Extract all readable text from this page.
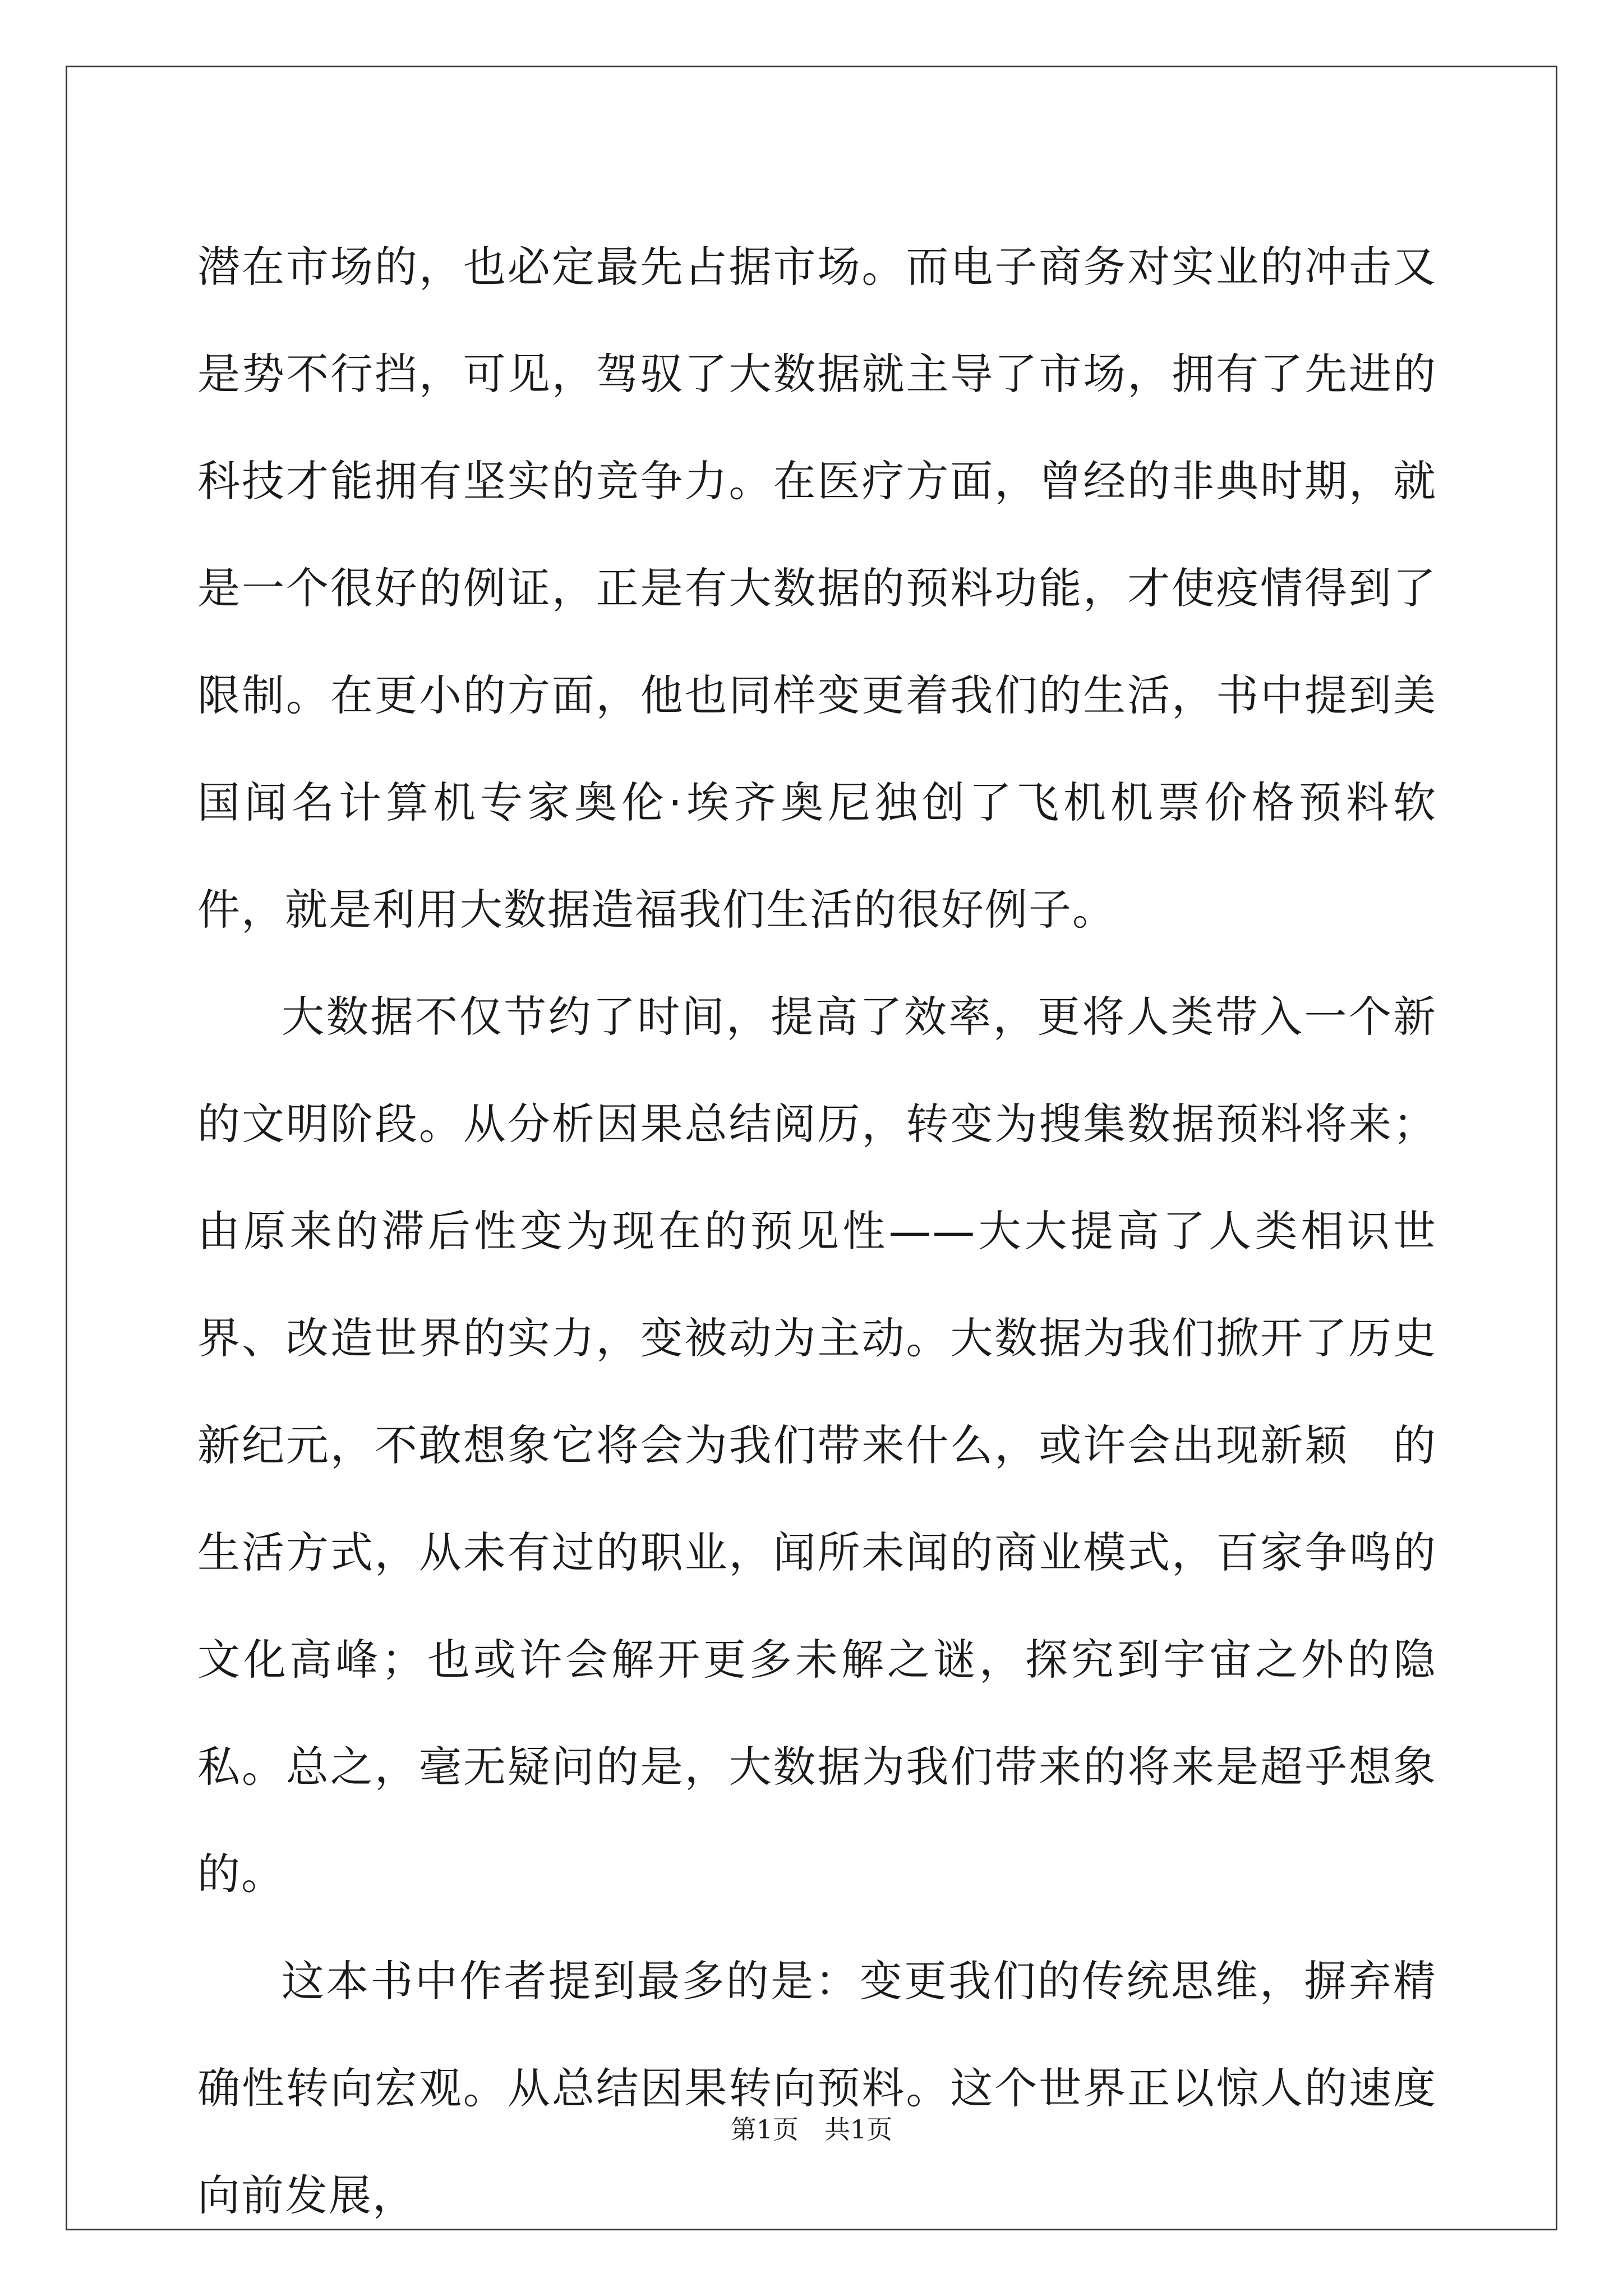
潜在市场的，也必定最先占据市场。而电子商务对实业的冲击又是势不行挡，可见，驾驭了大数据就主导了市场，拥有了先进的科技才能拥有坚实的竞争力。在医疗方面，曾经的非典时期，就是一个很好的例证，正是有大数据的预料功能，才使疫情得到了限制。在更小的方面，他也同样变更着我们的生活，书中提到美国闻名计算机专家奥伦·埃齐奥尼独创了飞机机票价格预料软件，就是利用大数据造福我们生活的很好例子。

大数据不仅节约了时间，提高了效率，更将人类带入一个新的文明阶段。从分析因果总结阅历，转变为搜集数据预料将来；由原来的滞后性变为现在的预见性——大大提高了人类相识世界、改造世界的实力，变被动为主动。大数据为我们掀开了历史新纪元，不敢想象它将会为我们带来什么，或许会出现新颖　的生活方式，从未有过的职业，闻所未闻的商业模式，百家争鸣的文化高峰；也或许会解开更多未解之谜，探究到宇宙之外的隐私。总之，毫无疑问的是，大数据为我们带来的将来是超乎想象的。

这本书中作者提到最多的是：变更我们的传统思维，摒弃精确性转向宏观。从总结因果转向预料。这个世界正以惊人的速度向前发展，

第1页　共1页
